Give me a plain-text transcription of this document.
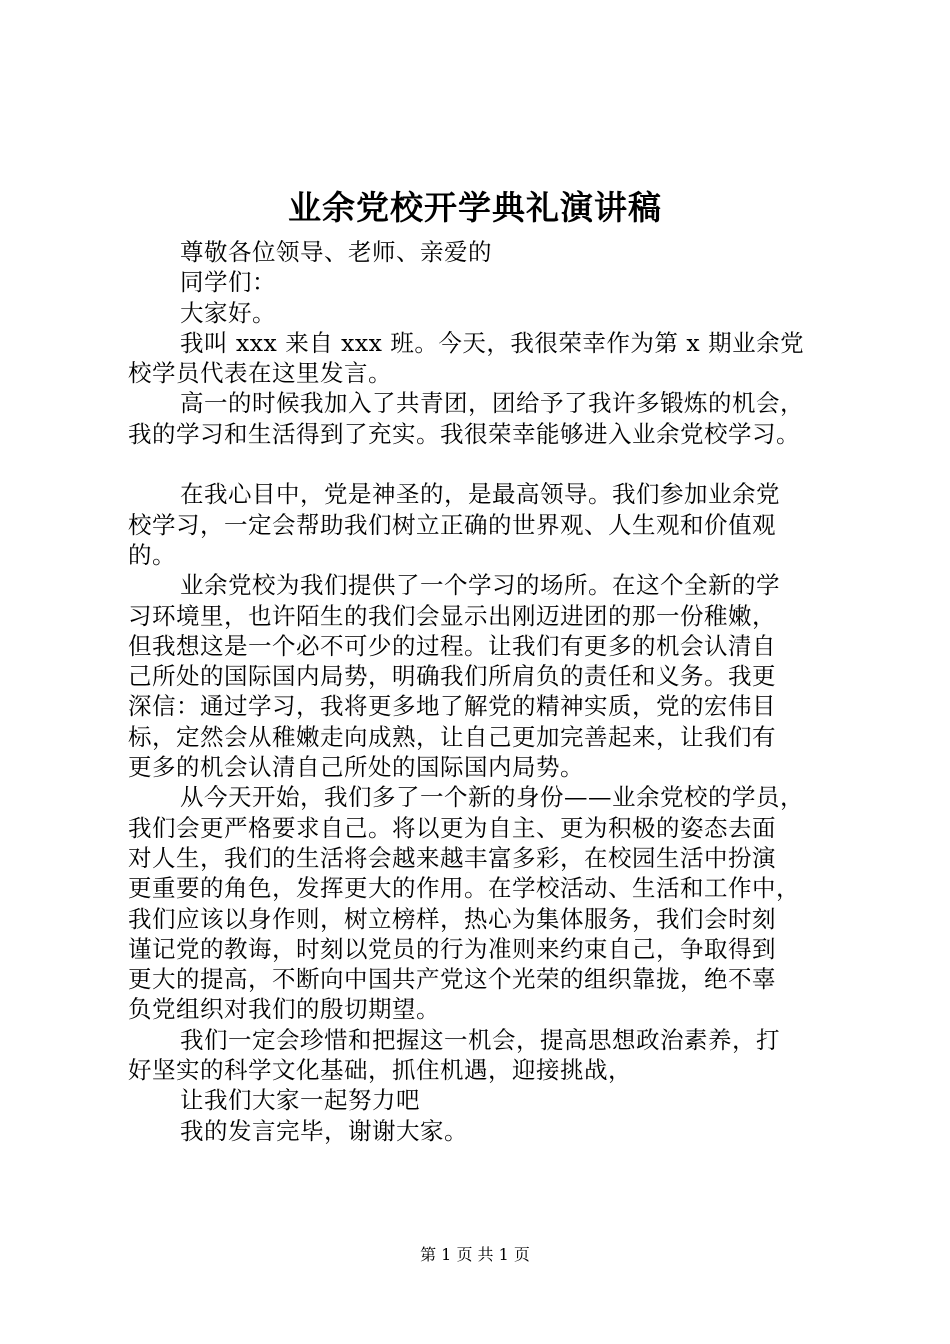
业余党校开学典礼演讲稿
尊敬各位领导、老师、亲爱的
同学们：
大家好。
我叫 xxx 来自 xxx 班。今天，我很荣幸作为第 x 期业余党
校学员代表在这里发言。
高一的时候我加入了共青团，团给予了我许多锻炼的机会，
我的学习和生活得到了充实。我很荣幸能够进入业余党校学习。
在我心目中，党是神圣的，是最高领导。我们参加业余党
校学习，一定会帮助我们树立正确的世界观、人生观和价值观
的。
业余党校为我们提供了一个学习的场所。在这个全新的学
习环境里，也许陌生的我们会显示出刚迈进团的那一份稚嫩，
但我想这是一个必不可少的过程。让我们有更多的机会认清自
己所处的国际国内局势，明确我们所肩负的责任和义务。我更
深信：通过学习，我将更多地了解党的精神实质，党的宏伟目
标，定然会从稚嫩走向成熟，让自己更加完善起来，让我们有
更多的机会认清自己所处的国际国内局势。
从今天开始，我们多了一个新的身份——业余党校的学员，
我们会更严格要求自己。将以更为自主、更为积极的姿态去面
对人生，我们的生活将会越来越丰富多彩，在校园生活中扮演
更重要的角色，发挥更大的作用。在学校活动、生活和工作中，
我们应该以身作则，树立榜样，热心为集体服务，我们会时刻
谨记党的教诲，时刻以党员的行为准则来约束自己，争取得到
更大的提高，不断向中国共产党这个光荣的组织靠拢，绝不辜
负党组织对我们的殷切期望。
我们一定会珍惜和把握这一机会，提高思想政治素养，打
好坚实的科学文化基础，抓住机遇，迎接挑战，
让我们大家一起努力吧
我的发言完毕，谢谢大家。
第 1 页 共 1 页
